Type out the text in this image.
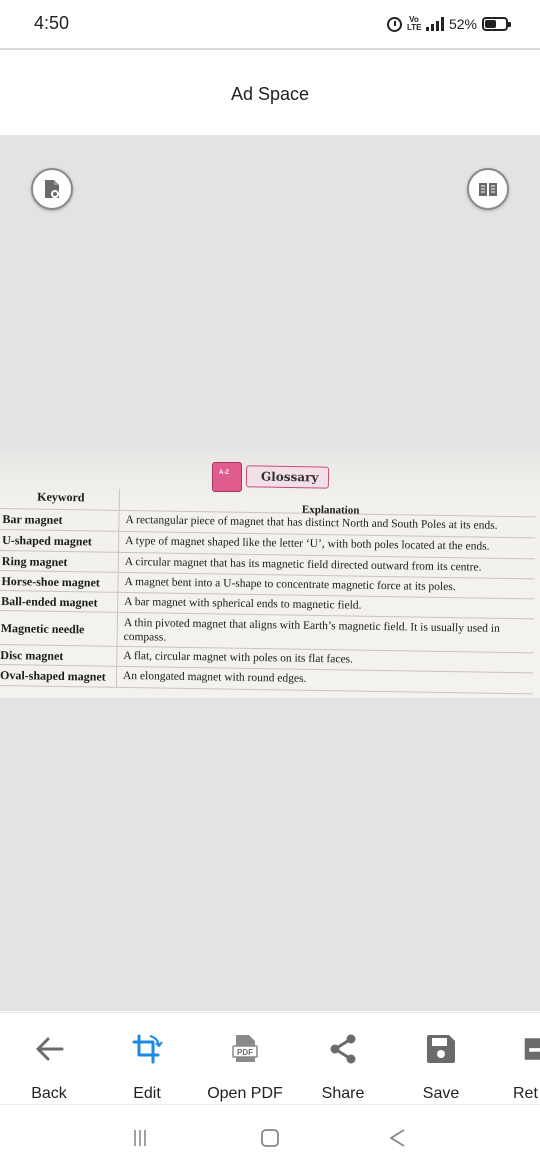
4:50	Vo LTE 52%
Ad Space
A-Z
Glossary
Keyword
Explanation
Bar magnet	A rectangular piece of magnet that has distinct North and South Poles at its ends.
U-shaped magnet	A type of magnet shaped like the letter ‘U’, with both poles located at the ends.
Ring magnet	A circular magnet that has its magnetic field directed outward from its centre.
Horse-shoe magnet	A magnet bent into a U-shape to concentrate magnetic force at its poles.
Ball-ended magnet	A bar magnet with spherical ends to magnetic field.
Magnetic needle	A thin pivoted magnet that aligns with Earth’s magnetic field. It is usually used in compass.
Disc magnet	A flat, circular magnet with poles on its flat faces.
Oval-shaped magnet	An elongated magnet with round edges.
Back	Edit
PDF
Open PDF	Share	Save	Ret
